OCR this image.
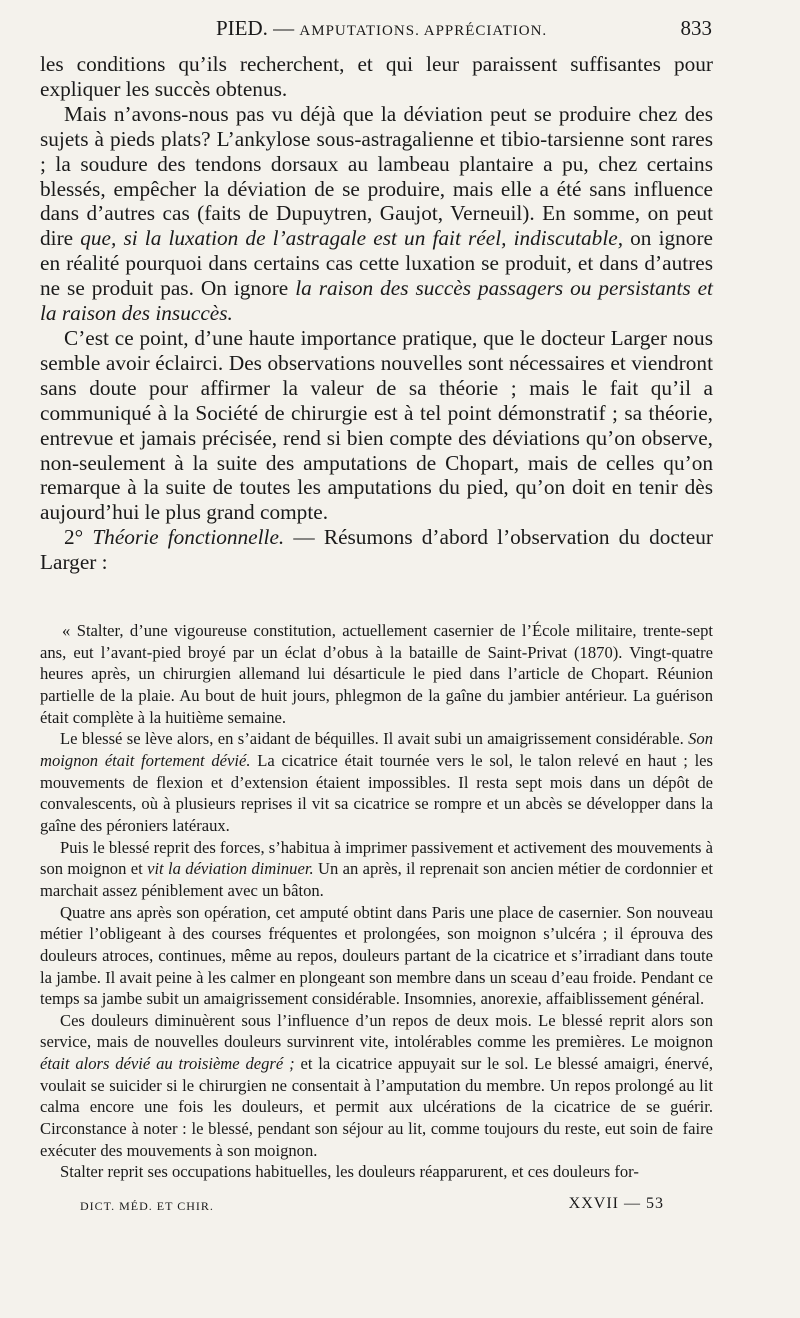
PIED. — AMPUTATIONS. APPRÉCIATION.	833

les conditions qu’ils recherchent, et qui leur paraissent suffisantes pour expliquer les succès obtenus.

Mais n’avons-nous pas vu déjà que la déviation peut se produire chez des sujets à pieds plats? L’ankylose sous-astragalienne et tibio-tarsienne sont rares ; la soudure des tendons dorsaux au lambeau plantaire a pu, chez certains blessés, empêcher la déviation de se produire, mais elle a été sans influence dans d’autres cas (faits de Dupuytren, Gaujot, Verneuil). En somme, on peut dire que, si la luxation de l’astragale est un fait réel, indiscutable, on ignore en réalité pourquoi dans certains cas cette luxation se produit, et dans d’autres ne se produit pas. On ignore la raison des succès passagers ou persistants et la raison des insuccès.

C’est ce point, d’une haute importance pratique, que le docteur Larger nous semble avoir éclairci. Des observations nouvelles sont nécessaires et viendront sans doute pour affirmer la valeur de sa théorie ; mais le fait qu’il a communiqué à la Société de chirurgie est à tel point démonstratif ; sa théorie, entrevue et jamais précisée, rend si bien compte des déviations qu’on observe, non-seulement à la suite des amputations de Chopart, mais de celles qu’on remarque à la suite de toutes les amputations du pied, qu’on doit en tenir dès aujourd’hui le plus grand compte.

2° Théorie fonctionnelle. — Résumons d’abord l’observation du docteur Larger :

« Stalter, d’une vigoureuse constitution, actuellement casernier de l’École militaire, trente-sept ans, eut l’avant-pied broyé par un éclat d’obus à la bataille de Saint-Privat (1870). Vingt-quatre heures après, un chirurgien allemand lui désarticule le pied dans l’article de Chopart. Réunion partielle de la plaie. Au bout de huit jours, phlegmon de la gaîne du jambier antérieur. La guérison était complète à la huitième semaine.

Le blessé se lève alors, en s’aidant de béquilles. Il avait subi un amaigrissement considérable. Son moignon était fortement dévié. La cicatrice était tournée vers le sol, le talon relevé en haut ; les mouvements de flexion et d’extension étaient impossibles. Il resta sept mois dans un dépôt de convalescents, où à plusieurs reprises il vit sa cicatrice se rompre et un abcès se développer dans la gaîne des péroniers latéraux.

Puis le blessé reprit des forces, s’habitua à imprimer passivement et activement des mouvements à son moignon et vit la déviation diminuer. Un an après, il reprenait son ancien métier de cordonnier et marchait assez péniblement avec un bâton.

Quatre ans après son opération, cet amputé obtint dans Paris une place de casernier. Son nouveau métier l’obligeant à des courses fréquentes et prolongées, son moignon s’ulcéra ; il éprouva des douleurs atroces, continues, même au repos, douleurs partant de la cicatrice et s’irradiant dans toute la jambe. Il avait peine à les calmer en plongeant son membre dans un sceau d’eau froide. Pendant ce temps sa jambe subit un amaigrissement considérable. Insomnies, anorexie, affaiblissement général.

Ces douleurs diminuèrent sous l’influence d’un repos de deux mois. Le blessé reprit alors son service, mais de nouvelles douleurs survinrent vite, intolérables comme les premières. Le moignon était alors dévié au troisième degré ; et la cicatrice appuyait sur le sol. Le blessé amaigri, énervé, voulait se suicider si le chirurgien ne consentait à l’amputation du membre. Un repos prolongé au lit calma encore une fois les douleurs, et permit aux ulcérations de la cicatrice de se guérir. Circonstance à noter : le blessé, pendant son séjour au lit, comme toujours du reste, eut soin de faire exécuter des mouvements à son moignon.

Stalter reprit ses occupations habituelles, les douleurs réapparurent, et ces douleurs for-

DICT. MÉD. ET CHIR.	XXVII — 53
